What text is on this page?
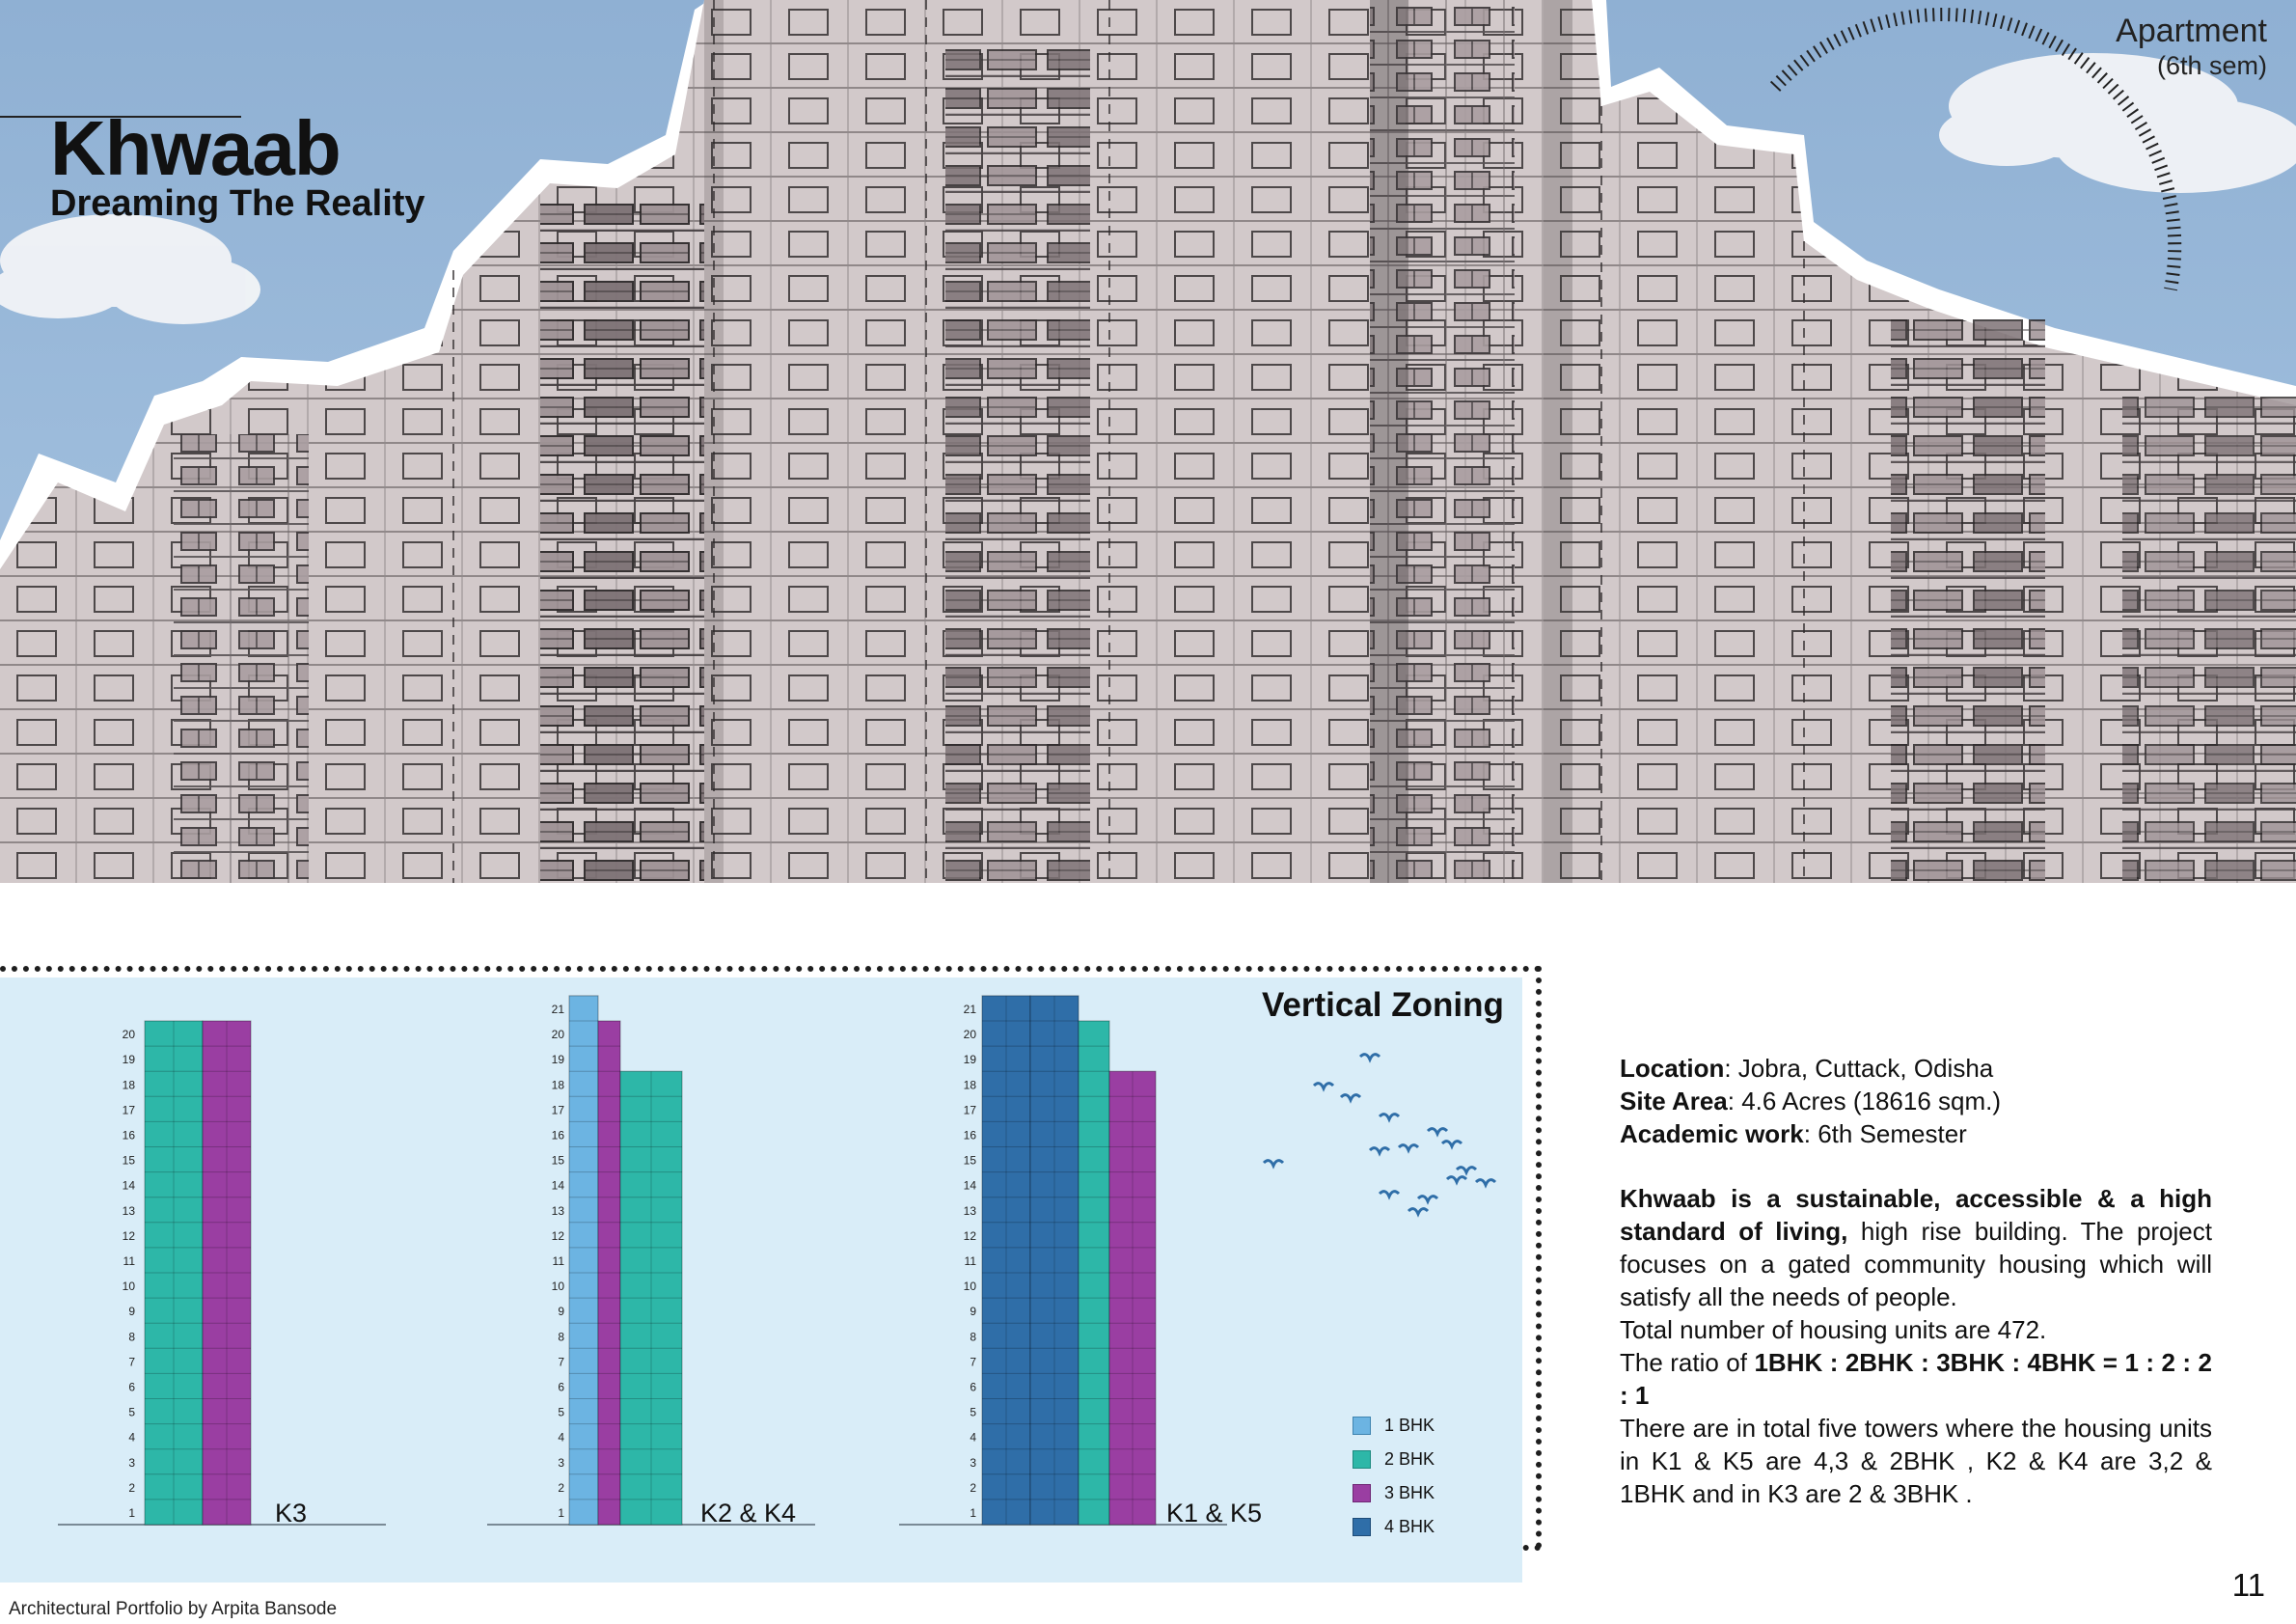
Khwaab
Dreaming The Reality
Apartment
(6th sem)
1
2
3
4
5
6
7
8
9
10
11
12
13
14
15
16
17
18
19
20
1
2
3
4
5
6
7
8
9
10
11
12
13
14
15
16
17
18
19
20
21
1
2
3
4
5
6
7
8
9
10
11
12
13
14
15
16
17
18
19
20
21	Vertical Zoning
K3	K2 & K4	K1 & K5
1 BHK
2 BHK
3 BHK
4 BHK

Location: Jobra, Cuttack, Odisha

Site Area: 4.6 Acres (18616 sqm.)

Academic work: 6th Semester

Khwaab is a sustainable, accessible & a high standard of living, high rise building. The project focuses on a gated community housing which will satisfy all the needs of people.

Total number of housing units are 472.

The ratio of 1BHK : 2BHK : 3BHK : 4BHK = 1 : 2 : 2 : 1

There are in total five towers where the housing units in K1 & K5 are 4,3 & 2BHK , K2 & K4 are 3,2 & 1BHK and in K3 are 2 & 3BHK .

Architectural Portfolio by Arpita Bansode
11
